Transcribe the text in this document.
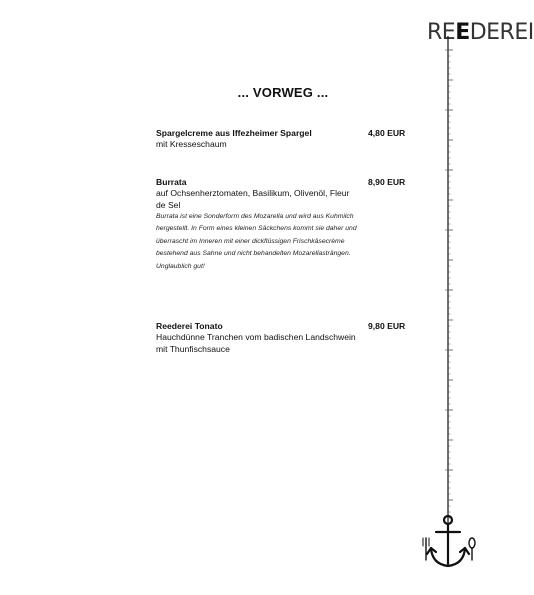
REEDEREI
... VORWEG ...
Spargelcreme aus Iffezheimer Spargel	4,80 EUR
mit Kresseschaum
Burrata	8,90 EUR
auf Ochsenherztomaten, Basilikum, Olivenöl, Fleur de Sel
Burrata ist eine Sonderform des Mozarella und wird aus Kuhmilch hergestellt. In Form eines kleinen Säckchens kommt sie daher und überrascht im Inneren mit einer dickflüssigen Frischkäsecrème bestehend aus Sahne und nicht behandelten Mozarellasträngen. Unglaublich gut!
Reederei Tonato	9,80 EUR
Hauchdünne Tranchen vom badischen Landschwein mit Thunfischsauce
